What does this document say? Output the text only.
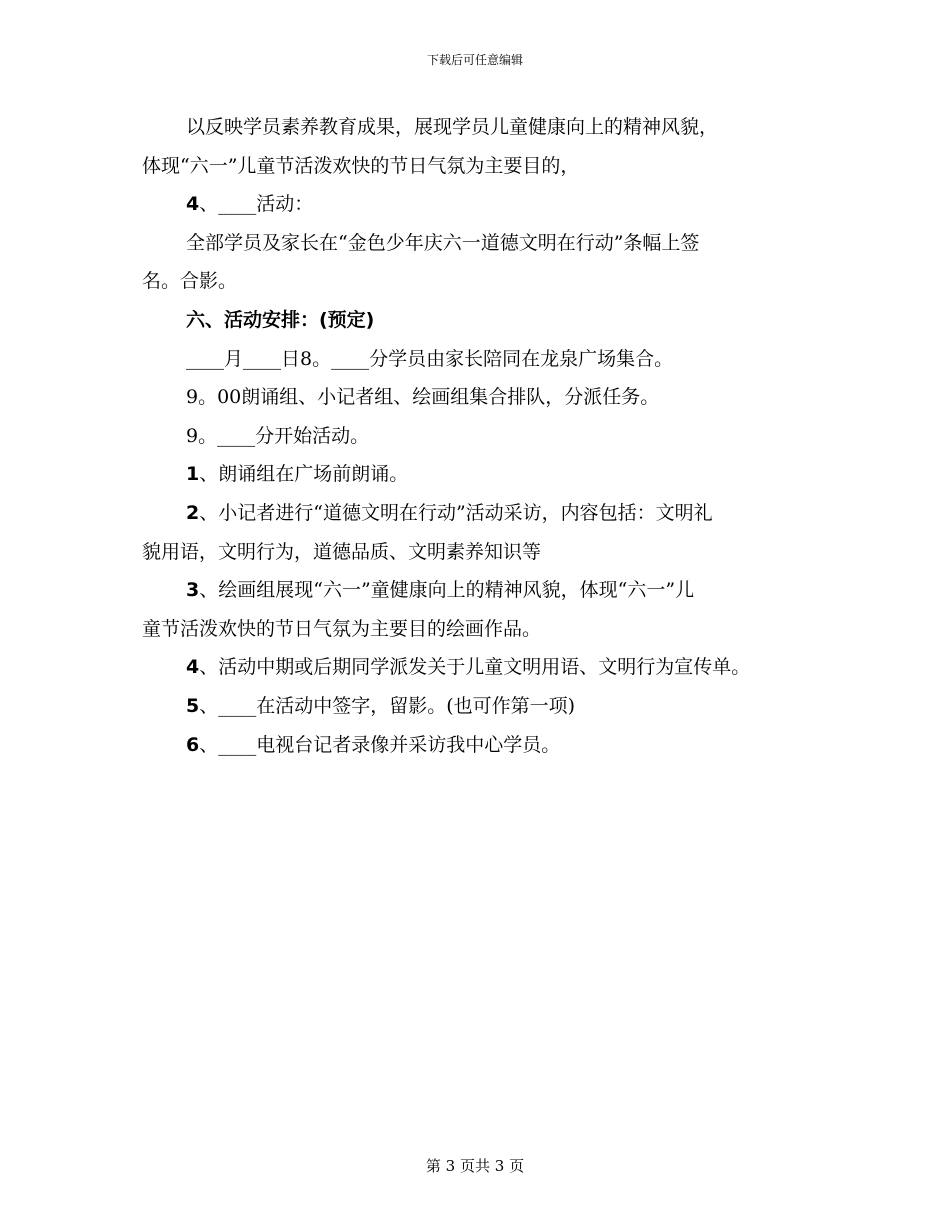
下载后可任意编辑
以反映学员素养教育成果，展现学员儿童健康向上的精神风貌，
体现“六一”儿童节活泼欢快的节日气氛为主要目的，
4、____活动：
全部学员及家长在“金色少年庆六一道德文明在行动”条幅上签
名。合影。
六、活动安排：(预定)
____月____日8。____分学员由家长陪同在龙泉广场集合。
9。00朗诵组、小记者组、绘画组集合排队，分派任务。
9。____分开始活动。
1、朗诵组在广场前朗诵。
2、小记者进行“道德文明在行动”活动采访，内容包括：文明礼
貌用语，文明行为，道德品质、文明素养知识等
3、绘画组展现“六一”童健康向上的精神风貌，体现“六一”儿
童节活泼欢快的节日气氛为主要目的绘画作品。
4、活动中期或后期同学派发关于儿童文明用语、文明行为宣传单。
5、____在活动中签字，留影。(也可作第一项)
6、____电视台记者录像并采访我中心学员。
第 3 页共 3 页
